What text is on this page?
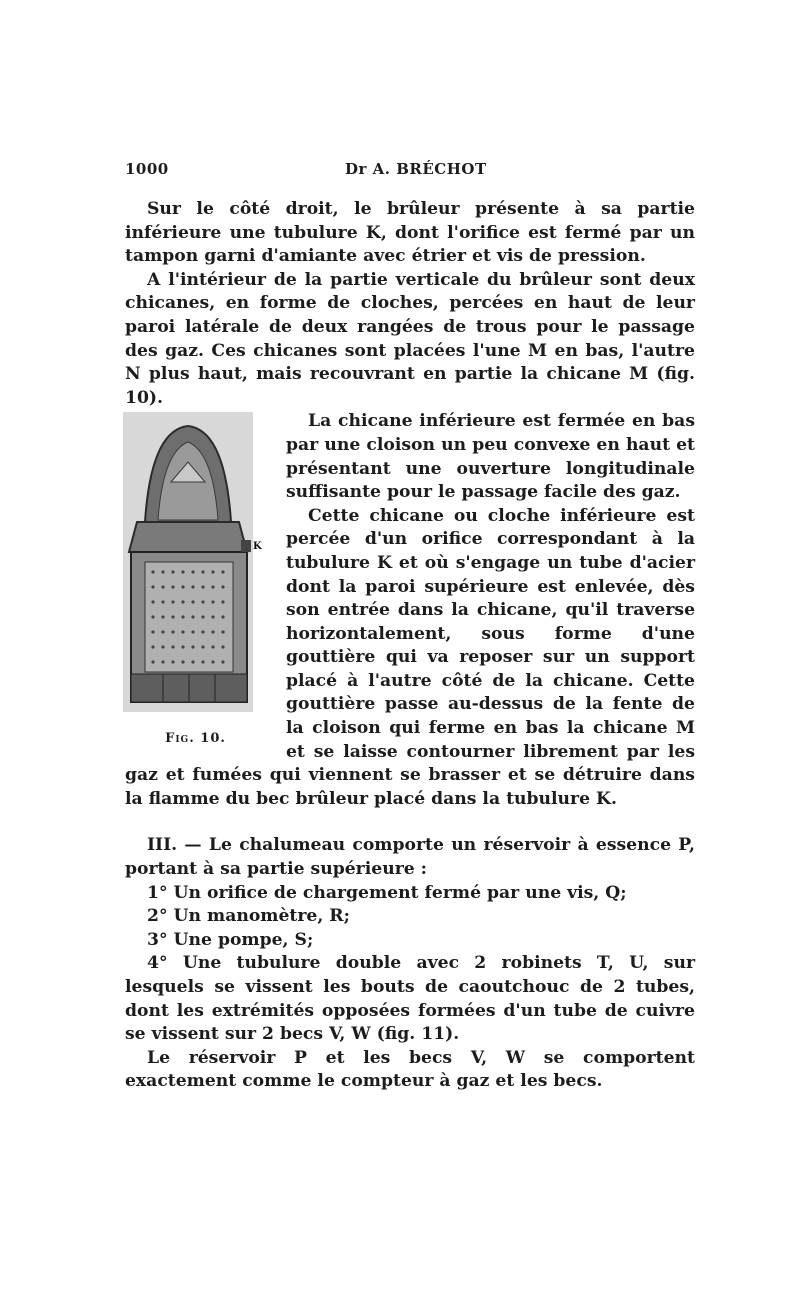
1000	Dr A. BRÉCHOT

Sur le côté droit, le brûleur présente à sa partie inférieure une tubulure K, dont l'orifice est fermé par un tampon garni d'amiante avec étrier et vis de pression.

A l'intérieur de la partie verticale du brûleur sont deux chicanes, en forme de cloches, percées en haut de leur paroi latérale de deux rangées de trous pour le passage des gaz. Ces chicanes sont placées l'une M en bas, l'autre N plus haut, mais recouvrant en partie la chicane M (fig. 10).

K
Fig. 10.

La chicane inférieure est fermée en bas par une cloison un peu convexe en haut et présentant une ouverture longitudinale suffisante pour le passage facile des gaz.

Cette chicane ou cloche inférieure est percée d'un orifice correspondant à la tubulure K et où s'engage un tube d'acier dont la paroi supérieure est enlevée, dès son entrée dans la chicane, qu'il traverse horizontalement, sous forme d'une gouttière qui va reposer sur un support placé à l'autre côté de la chicane. Cette gouttière passe au-dessus de la fente de la cloison qui ferme en bas la chicane M et se laisse contourner librement par les gaz et fumées qui viennent se brasser et se détruire dans la flamme du bec brûleur placé dans la tubulure K.

III. — Le chalumeau comporte un réservoir à essence P, portant à sa partie supérieure :

1° Un orifice de chargement fermé par une vis, Q;

2° Un manomètre, R;

3° Une pompe, S;

4° Une tubulure double avec 2 robinets T, U, sur lesquels se vissent les bouts de caoutchouc de 2 tubes, dont les extrémités opposées formées d'un tube de cuivre se vissent sur 2 becs V, W (fig. 11).

Le réservoir P et les becs V, W se comportent exactement comme le compteur à gaz et les becs.
